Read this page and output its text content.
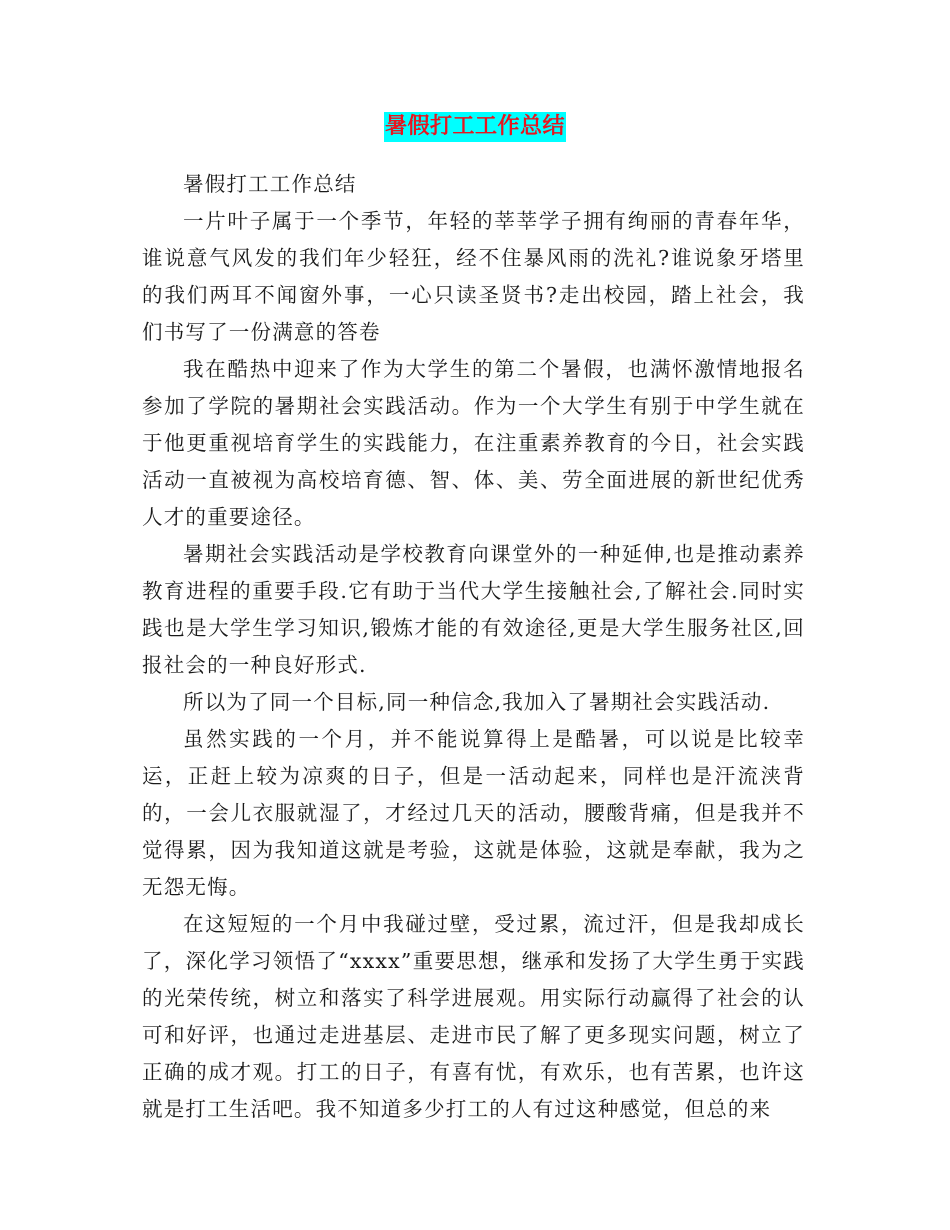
暑假打工工作总结

暑假打工工作总结

一片叶子属于一个季节，年轻的莘莘学子拥有绚丽的青春年华，谁说意气风发的我们年少轻狂，经不住暴风雨的洗礼?谁说象牙塔里的我们两耳不闻窗外事，一心只读圣贤书?走出校园，踏上社会，我们书写了一份满意的答卷

我在酷热中迎来了作为大学生的第二个暑假，也满怀激情地报名参加了学院的暑期社会实践活动。作为一个大学生有别于中学生就在于他更重视培育学生的实践能力，在注重素养教育的今日，社会实践活动一直被视为高校培育德、智、体、美、劳全面进展的新世纪优秀人才的重要途径。

暑期社会实践活动是学校教育向课堂外的一种延伸,也是推动素养教育进程的重要手段.它有助于当代大学生接触社会,了解社会.同时实践也是大学生学习知识,锻炼才能的有效途径,更是大学生服务社区,回报社会的一种良好形式.

所以为了同一个目标,同一种信念,我加入了暑期社会实践活动.

虽然实践的一个月，并不能说算得上是酷暑，可以说是比较幸运，正赶上较为凉爽的日子，但是一活动起来，同样也是汗流浃背的，一会儿衣服就湿了，才经过几天的活动，腰酸背痛，但是我并不觉得累，因为我知道这就是考验，这就是体验，这就是奉献，我为之无怨无悔。

在这短短的一个月中我碰过壁，受过累，流过汗，但是我却成长了，深化学习领悟了“xxxx”重要思想，继承和发扬了大学生勇于实践的光荣传统，树立和落实了科学进展观。用实际行动赢得了社会的认可和好评，也通过走进基层、走进市民了解了更多现实问题，树立了正确的成才观。打工的日子，有喜有忧，有欢乐，也有苦累，也许这就是打工生活吧。我不知道多少打工的人有过这种感觉，但总的来
